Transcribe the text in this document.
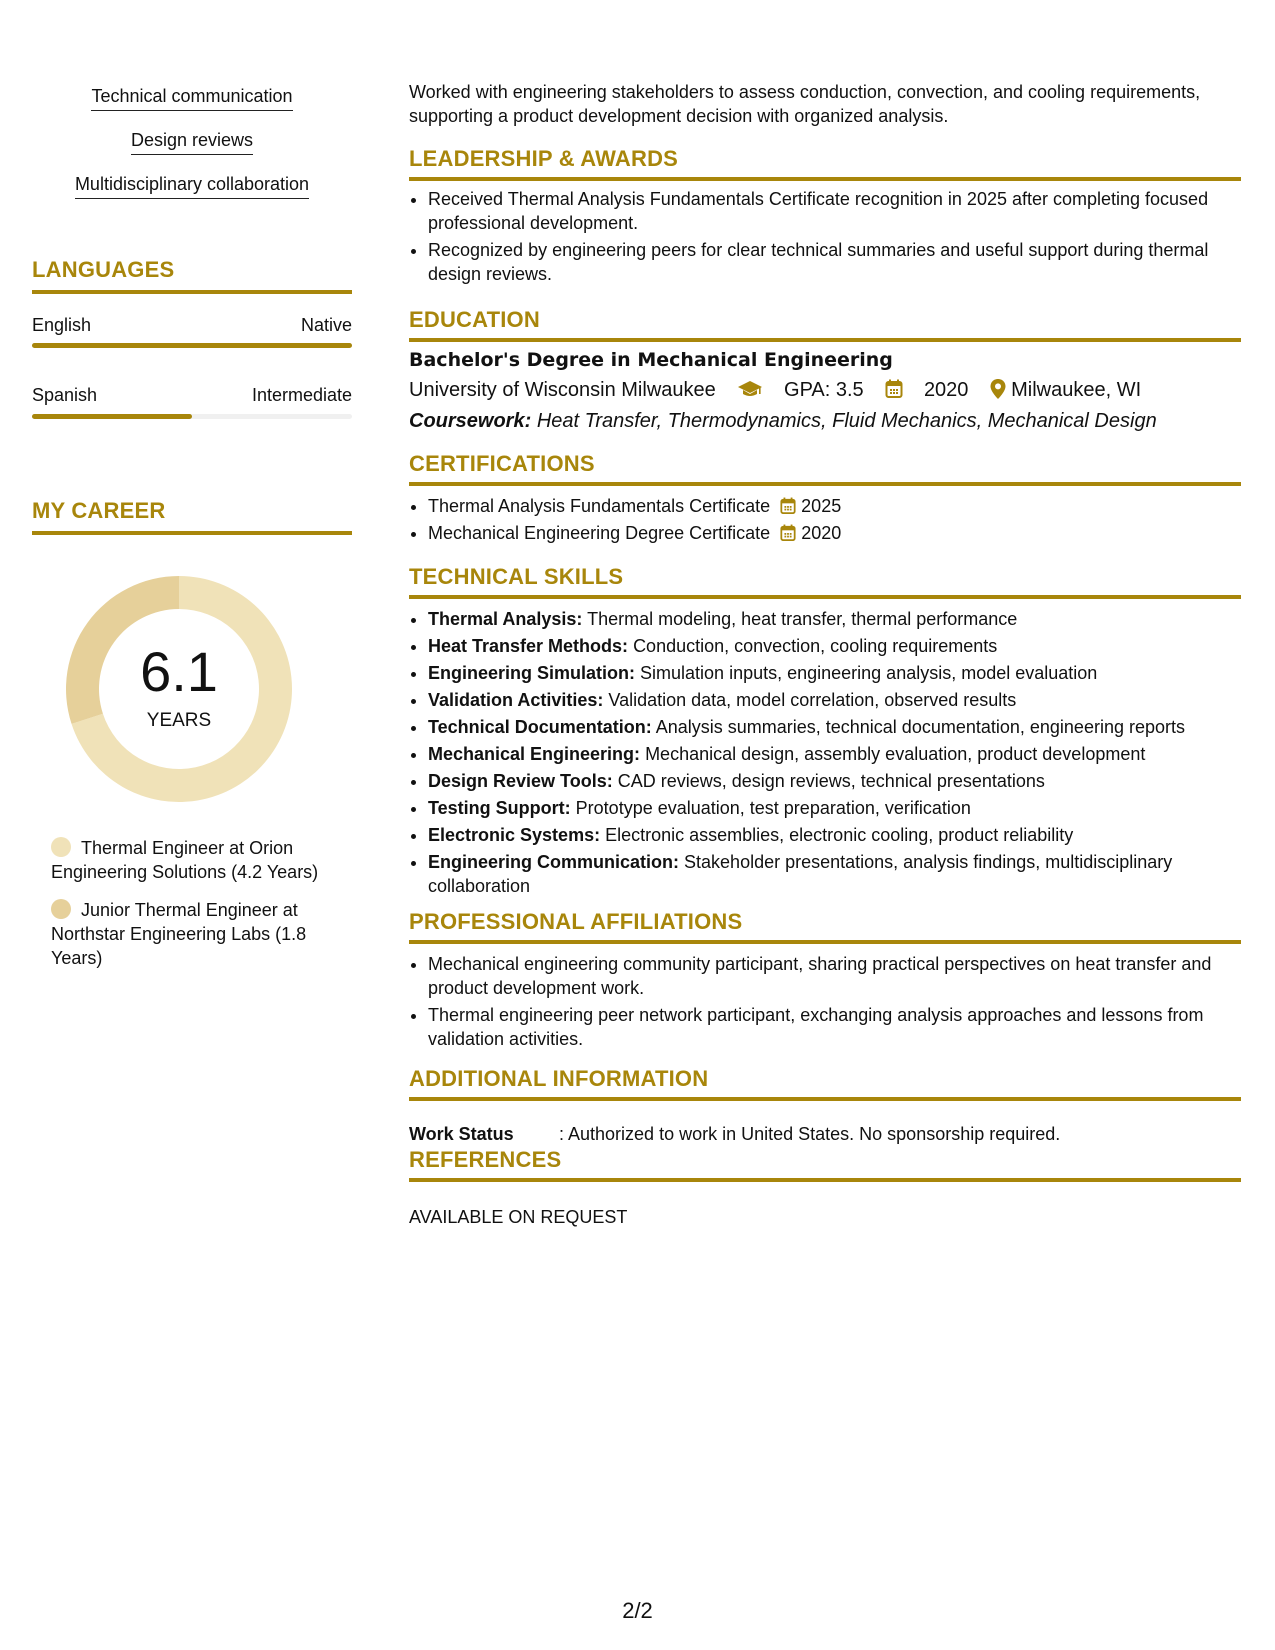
Technical communication
Design reviews
Multidisciplinary collaboration
LANGUAGES
English	Native
Spanish	Intermediate
MY CAREER
6.1
YEARS
Thermal Engineer at Orion Engineering Solutions (4.2 Years)
Junior Thermal Engineer at Northstar Engineering Labs (1.8 Years)
Worked with engineering stakeholders to assess conduction, convection, and cooling requirements, supporting a product development decision with organized analysis.
LEADERSHIP & AWARDS
• Received Thermal Analysis Fundamentals Certificate recognition in 2025 after completing focused professional development.
• Recognized by engineering peers for clear technical summaries and useful support during thermal design reviews.
EDUCATION
Bachelor's Degree in Mechanical Engineering
University of Wisconsin Milwaukee	GPA: 3.5	2020 Milwaukee, WI
Coursework: Heat Transfer, Thermodynamics, Fluid Mechanics, Mechanical Design
CERTIFICATIONS
• Thermal Analysis Fundamentals Certificate 2025
• Mechanical Engineering Degree Certificate 2020
TECHNICAL SKILLS
• Thermal Analysis: Thermal modeling, heat transfer, thermal performance
• Heat Transfer Methods: Conduction, convection, cooling requirements
• Engineering Simulation: Simulation inputs, engineering analysis, model evaluation
• Validation Activities: Validation data, model correlation, observed results
• Technical Documentation: Analysis summaries, technical documentation, engineering reports
• Mechanical Engineering: Mechanical design, assembly evaluation, product development
• Design Review Tools: CAD reviews, design reviews, technical presentations
• Testing Support: Prototype evaluation, test preparation, verification
• Electronic Systems: Electronic assemblies, electronic cooling, product reliability
• Engineering Communication: Stakeholder presentations, analysis findings, multidisciplinary collaboration
PROFESSIONAL AFFILIATIONS
• Mechanical engineering community participant, sharing practical perspectives on heat transfer and product development work.
• Thermal engineering peer network participant, exchanging analysis approaches and lessons from validation activities.
ADDITIONAL INFORMATION
Work Status	: Authorized to work in United States. No sponsorship required.
REFERENCES
AVAILABLE ON REQUEST
2/2
